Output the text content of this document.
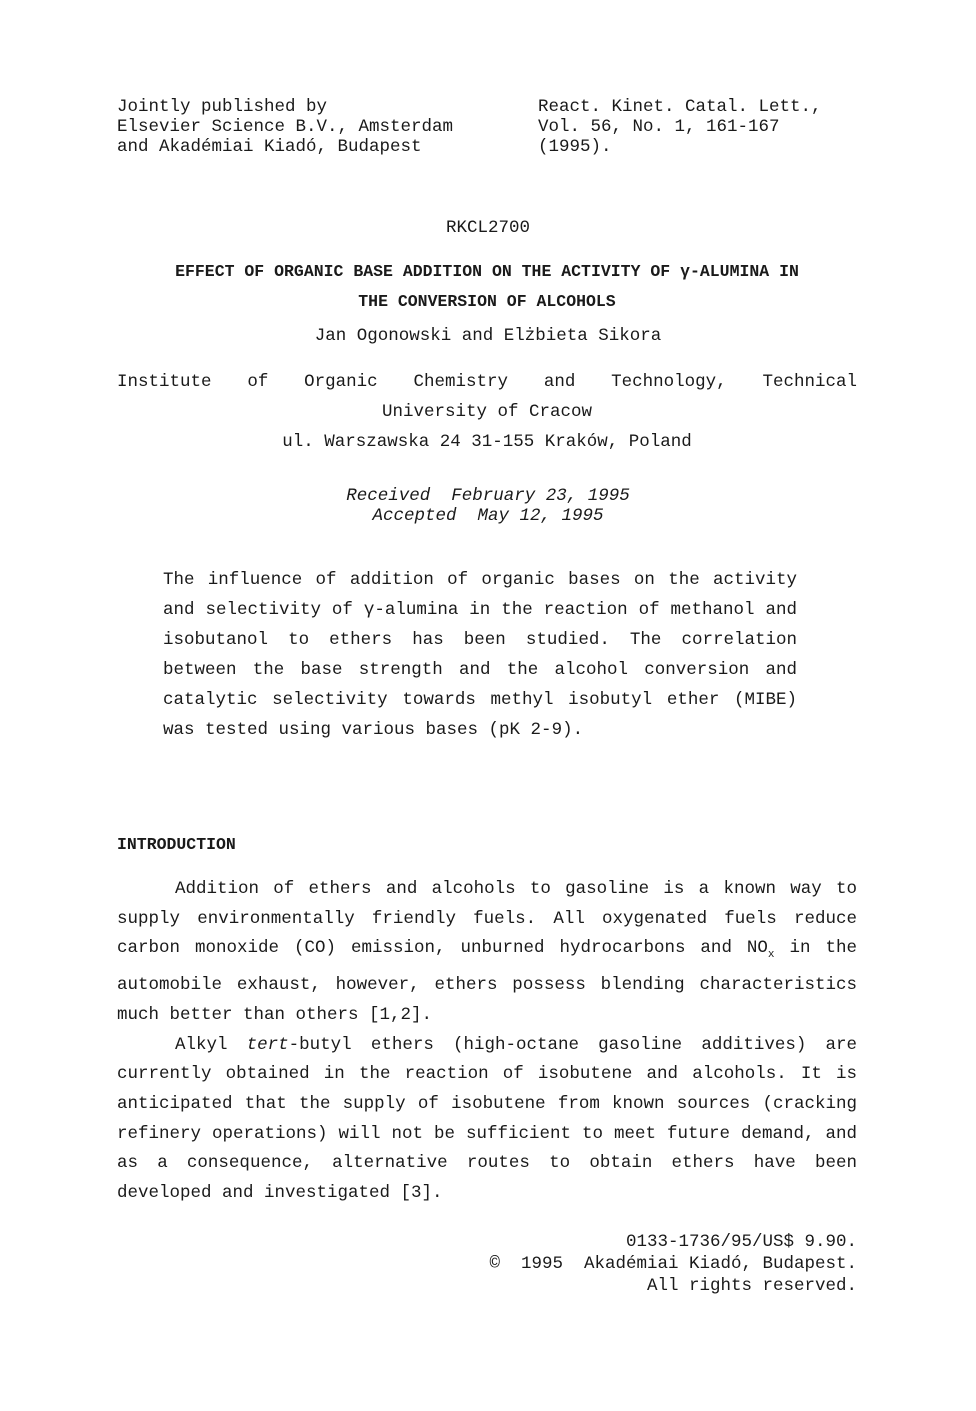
Jointly published by
Elsevier Science B.V., Amsterdam
and Akadémiai Kiadó, Budapest
React. Kinet. Catal. Lett.,
Vol. 56, No. 1, 161-167
(1995).
RKCL2700
EFFECT OF ORGANIC BASE ADDITION ON THE ACTIVITY OF γ-ALUMINA IN
THE CONVERSION OF ALCOHOLS
Jan Ogonowski and Elżbieta Sikora
Institute of Organic Chemistry and Technology, Technical
University of Cracow
ul. Warszawska 24 31-155 Kraków, Poland
Received  February 23, 1995
Accepted  May 12, 1995

The influence of addition of organic bases on the activity and selectivity of γ-alumina in the reaction of methanol and isobutanol to ethers has been studied. The correlation between the base strength and the alcohol conversion and catalytic selectivity towards methyl isobutyl ether (MIBE) was tested using various bases (pK 2-9).

INTRODUCTION

Addition of ethers and alcohols to gasoline is a known way to supply environmentally friendly fuels. All oxygenated fuels reduce carbon monoxide (CO) emission, unburned hydrocarbons and $NO_x$ in the automobile exhaust, however, ethers possess blending characteristics much better than others [1,2].

Alkyl tert-butyl ethers (high-octane gasoline additives) are currently obtained in the reaction of isobutene and alcohols. It is anticipated that the supply of isobutene from known sources (cracking refinery operations) will not be sufficient to meet future demand, and as a consequence, alternative routes to obtain ethers have been developed and investigated [3].

0133-1736/95/US$ 9.90.
©  1995  Akadémiai Kiadó, Budapest.
All rights reserved.
